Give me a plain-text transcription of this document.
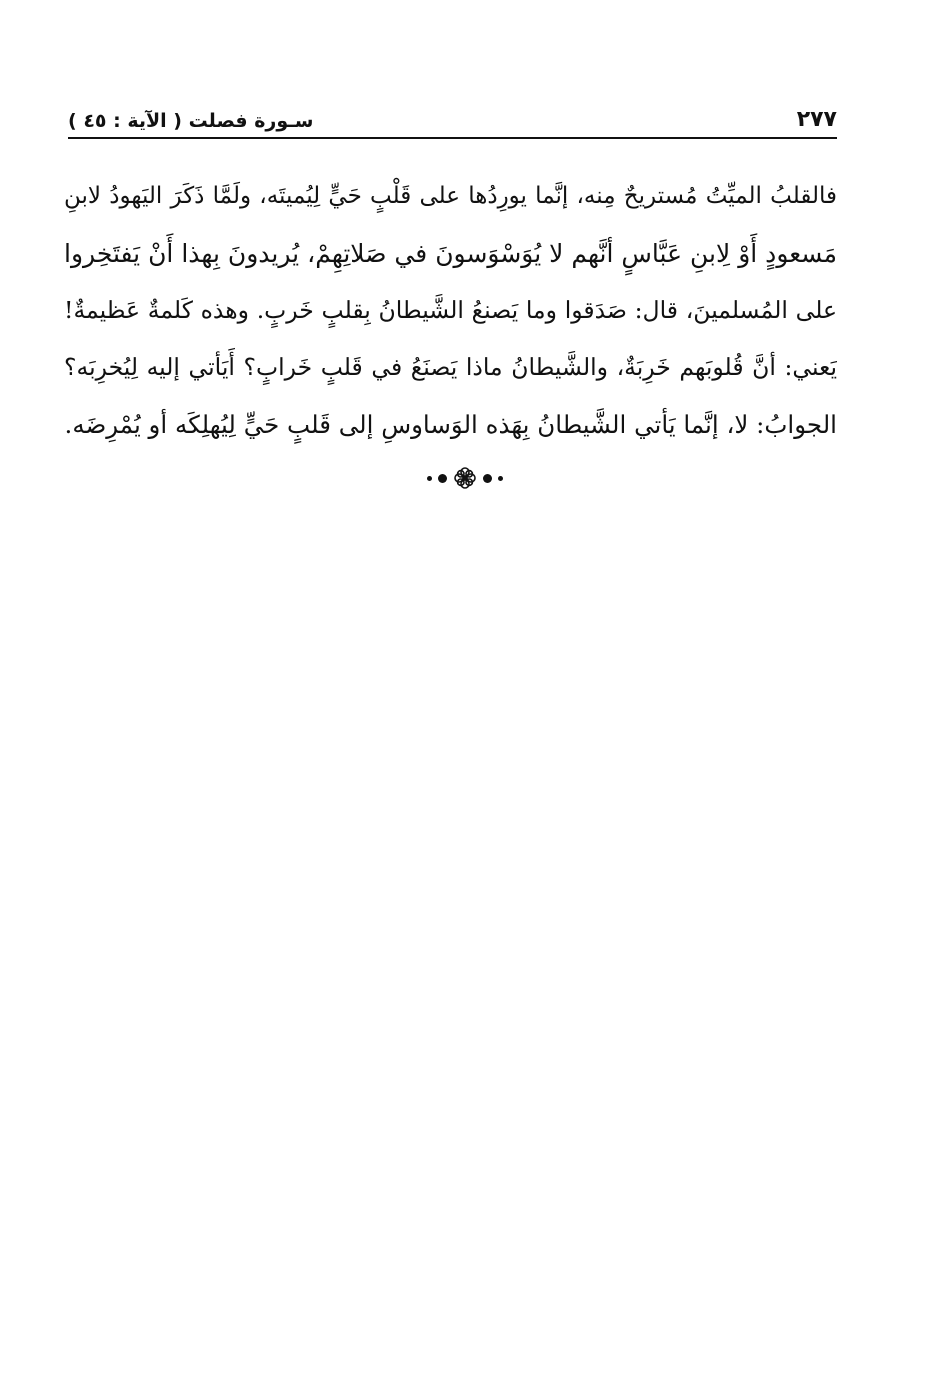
سـورة فصلت ( الآية : ٤٥ )	٢٧٧
فالقلبُ الميِّتُ مُستريحٌ مِنه، إنَّما يورِدُها على قَلْبٍ حَيٍّ لِيُميتَه، ولَمَّا ذَكَرَ اليَهودُ لابنِ
مَسعودٍ أَوْ لِابنِ عَبَّاسٍ أنَّهم لا يُوَسْوَسونَ في صَلاتِهِمْ، يُريدونَ بِهذا أَنْ يَفتَخِروا
على المُسلمينَ، قال: صَدَقوا وما يَصنعُ الشَّيطانُ بِقلبٍ خَربٍ. وهذه كَلمةٌ عَظيمةٌ!
يَعني: أنَّ قُلوبَهم خَرِبَةٌ، والشَّيطانُ ماذا يَصنَعُ في قَلبٍ خَرابٍ؟ أَيَأتي إليه لِيُخرِبَه؟
الجوابُ: لا، إنَّما يَأتي الشَّيطانُ بِهَذه الوَساوسِ إلى قَلبٍ حَيٍّ لِيُهلِكَه أو يُمْرِضَه.
